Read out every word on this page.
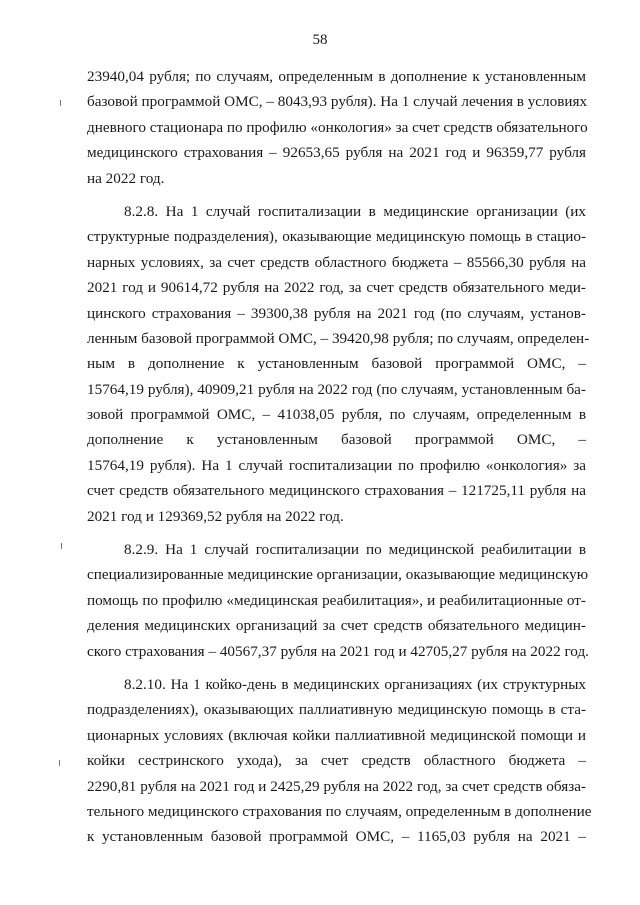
58
23940,04 рубля; по случаям, определенным в дополнение к установленным
базовой программой ОМС, – 8043,93 рубля). На 1 случай лечения в условиях
дневного стационара по профилю «онкология» за счет средств обязательного
медицинского страхования – 92653,65 рубля на 2021 год и 96359,77 рубля
на 2022 год.
8.2.8. На 1 случай госпитализации в медицинские организации (их
структурные подразделения), оказывающие медицинскую помощь в стацио-
нарных условиях, за счет средств областного бюджета – 85566,30 рубля на
2021 год и 90614,72 рубля на 2022 год, за счет средств обязательного меди-
цинского страхования – 39300,38 рубля на 2021 год (по случаям, установ-
ленным базовой программой ОМС, – 39420,98 рубля; по случаям, определен-
ным в дополнение к установленным базовой программой ОМС, –
15764,19 рубля), 40909,21 рубля на 2022 год (по случаям, установленным ба-
зовой программой ОМС, – 41038,05 рубля, по случаям, определенным в
дополнение к установленным базовой программой ОМС, –
15764,19 рубля). На 1 случай госпитализации по профилю «онкология» за
счет средств обязательного медицинского страхования – 121725,11 рубля на
2021 год и 129369,52 рубля на 2022 год.
8.2.9. На 1 случай госпитализации по медицинской реабилитации в
специализированные медицинские организации, оказывающие медицинскую
помощь по профилю «медицинская реабилитация», и реабилитационные от-
деления медицинских организаций за счет средств обязательного медицин-
ского страхования – 40567,37 рубля на 2021 год и 42705,27 рубля на 2022 год.
8.2.10. На 1 койко-день в медицинских организациях (их структурных
подразделениях), оказывающих паллиативную медицинскую помощь в ста-
ционарных условиях (включая койки паллиативной медицинской помощи и
койки сестринского ухода), за счет средств областного бюджета –
2290,81 рубля на 2021 год и 2425,29 рубля на 2022 год, за счет средств обяза-
тельного медицинского страхования по случаям, определенным в дополнение
к установленным базовой программой ОМС, – 1165,03 рубля на 2021 –
